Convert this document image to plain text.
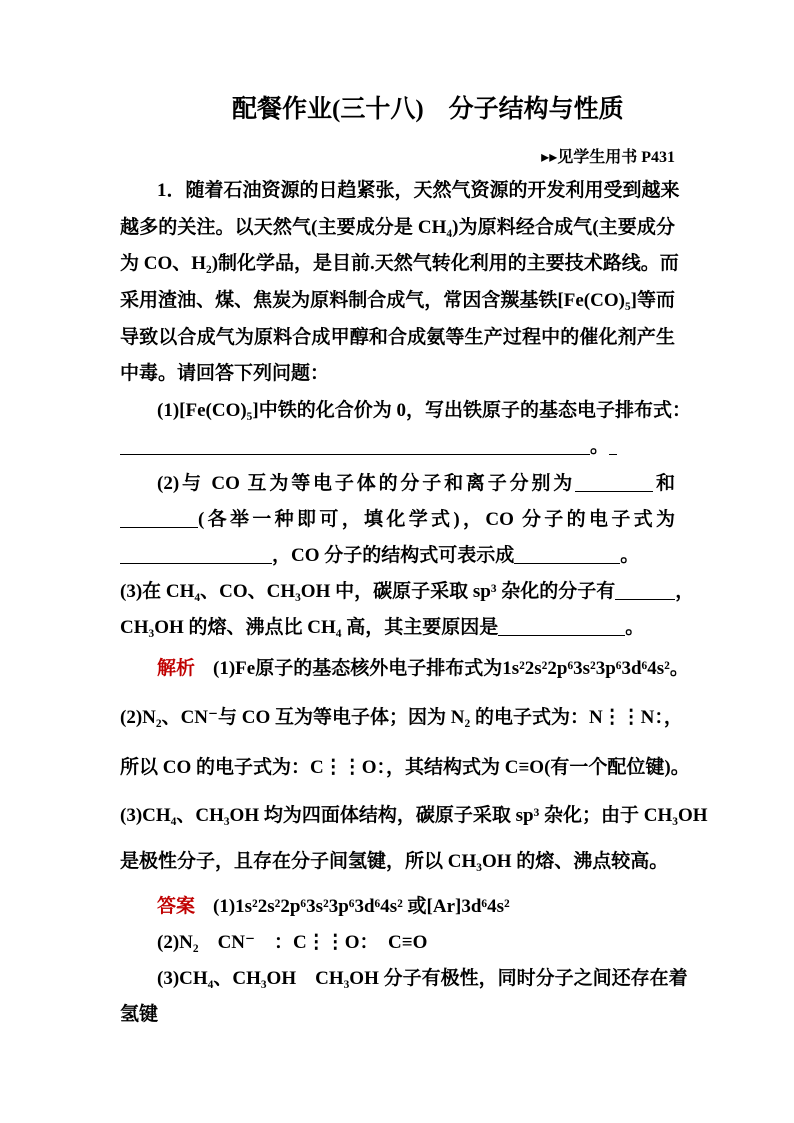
配餐作业(三十八)　分子结构与性质
▸▸见学生用书 P431
1．随着石油资源的日趋紧张，天然气资源的开发利用受到越来
越多的关注。以天然气(主要成分是 CH₄)为原料经合成气(主要成分
为 CO、H₂)制化学品，是目前.天然气转化利用的主要技术路线。而
采用渣油、煤、焦炭为原料制合成气，常因含羰基铁[Fe(CO)₅]等而
导致以合成气为原料合成甲醇和合成氨等生产过程中的催化剂产生
中毒。请回答下列问题：
(1)[Fe(CO)₅]中铁的化合价为 0，写出铁原子的基态电子排布式：
。
(2)与 CO 互为等电子体的分子和离子分别为	和
(各举一种即可，填化学式)，CO 分子的电子式为
，CO 分子的结构式可表示成	。
(3)在 CH₄、CO、CH₃OH 中，碳原子采取 sp³ 杂化的分子有	，
CH₃OH 的熔、沸点比 CH₄ 高，其主要原因是	。
解析 (1)Fe原子的基态核外电子排布式为1s²2s²2p⁶3s²3p⁶3d⁶4s²。
(2)N₂、CN⁻与 CO 互为等电子体；因为 N₂ 的电子式为：N⋮⋮N：，
所以 CO 的电子式为：C⋮⋮O：，其结构式为 C≡O(有一个配位键)。
(3)CH₄、CH₃OH 均为四面体结构，碳原子采取 sp³ 杂化；由于 CH₃OH
是极性分子，且存在分子间氢键，所以 CH₃OH 的熔、沸点较高。
答案 (1)1s²2s²2p⁶3s²3p⁶3d⁶4s² 或[Ar]3d⁶4s²
(2)N₂　CN⁻　：C⋮⋮O：　C≡O
(3)CH₄、CH₃OH　CH₃OH 分子有极性，同时分子之间还存在着
氢键
